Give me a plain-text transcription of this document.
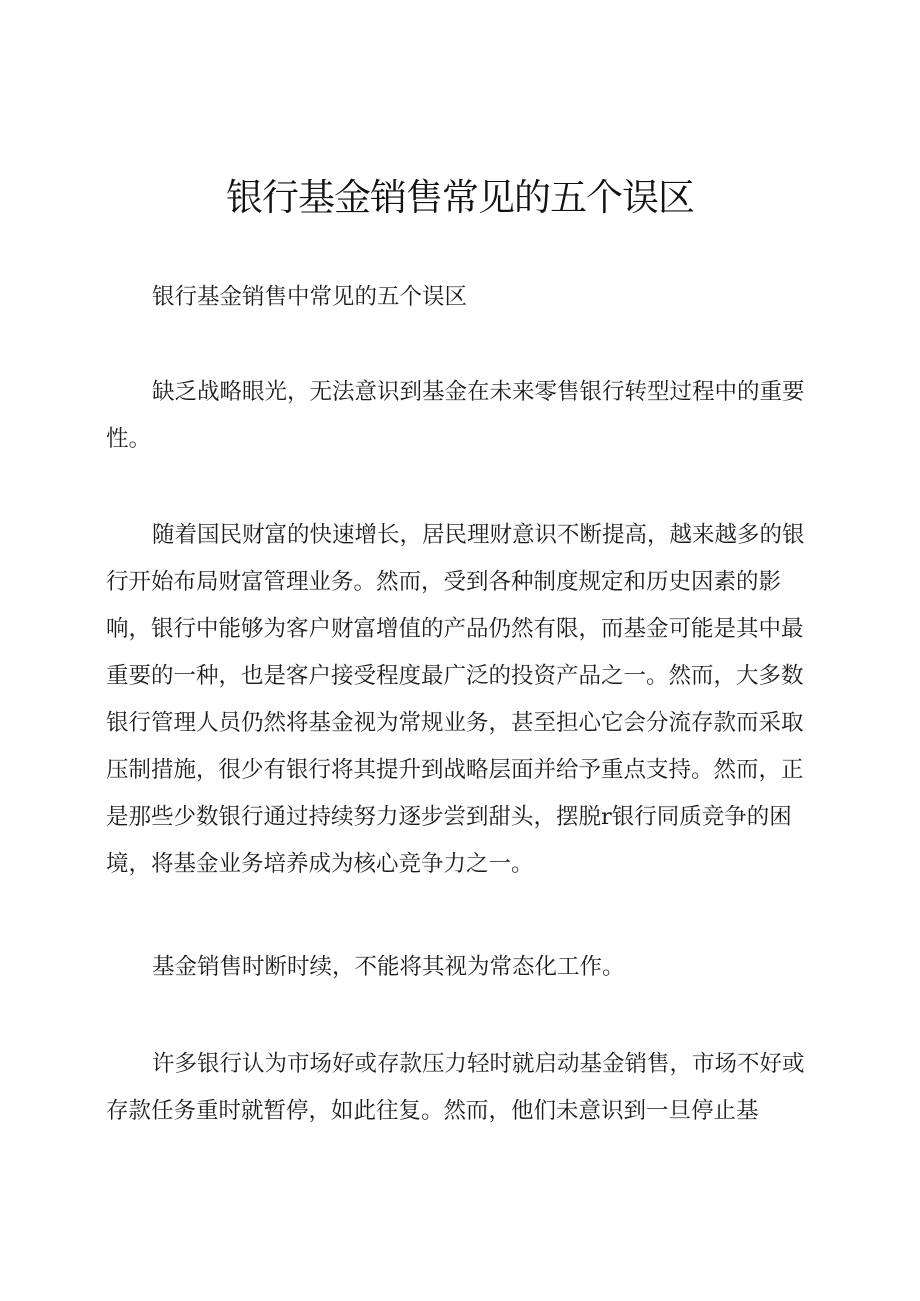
银行基金销售常见的五个误区

银行基金销售中常见的五个误区

缺乏战略眼光，无法意识到基金在未来零售银行转型过程中的重要性。

随着国民财富的快速增长，居民理财意识不断提高，越来越多的银行开始布局财富管理业务。然而，受到各种制度规定和历史因素的影响，银行中能够为客户财富增值的产品仍然有限，而基金可能是其中最重要的一种，也是客户接受程度最广泛的投资产品之一。然而，大多数银行管理人员仍然将基金视为常规业务，甚至担心它会分流存款而采取压制措施，很少有银行将其提升到战略层面并给予重点支持。然而，正是那些少数银行通过持续努力逐步尝到甜头，摆脱r银行同质竞争的困境，将基金业务培养成为核心竞争力之一。

基金销售时断时续，不能将其视为常态化工作。

许多银行认为市场好或存款压力轻时就启动基金销售，市场不好或存款任务重时就暂停，如此往复。然而，他们未意识到一旦停止基
